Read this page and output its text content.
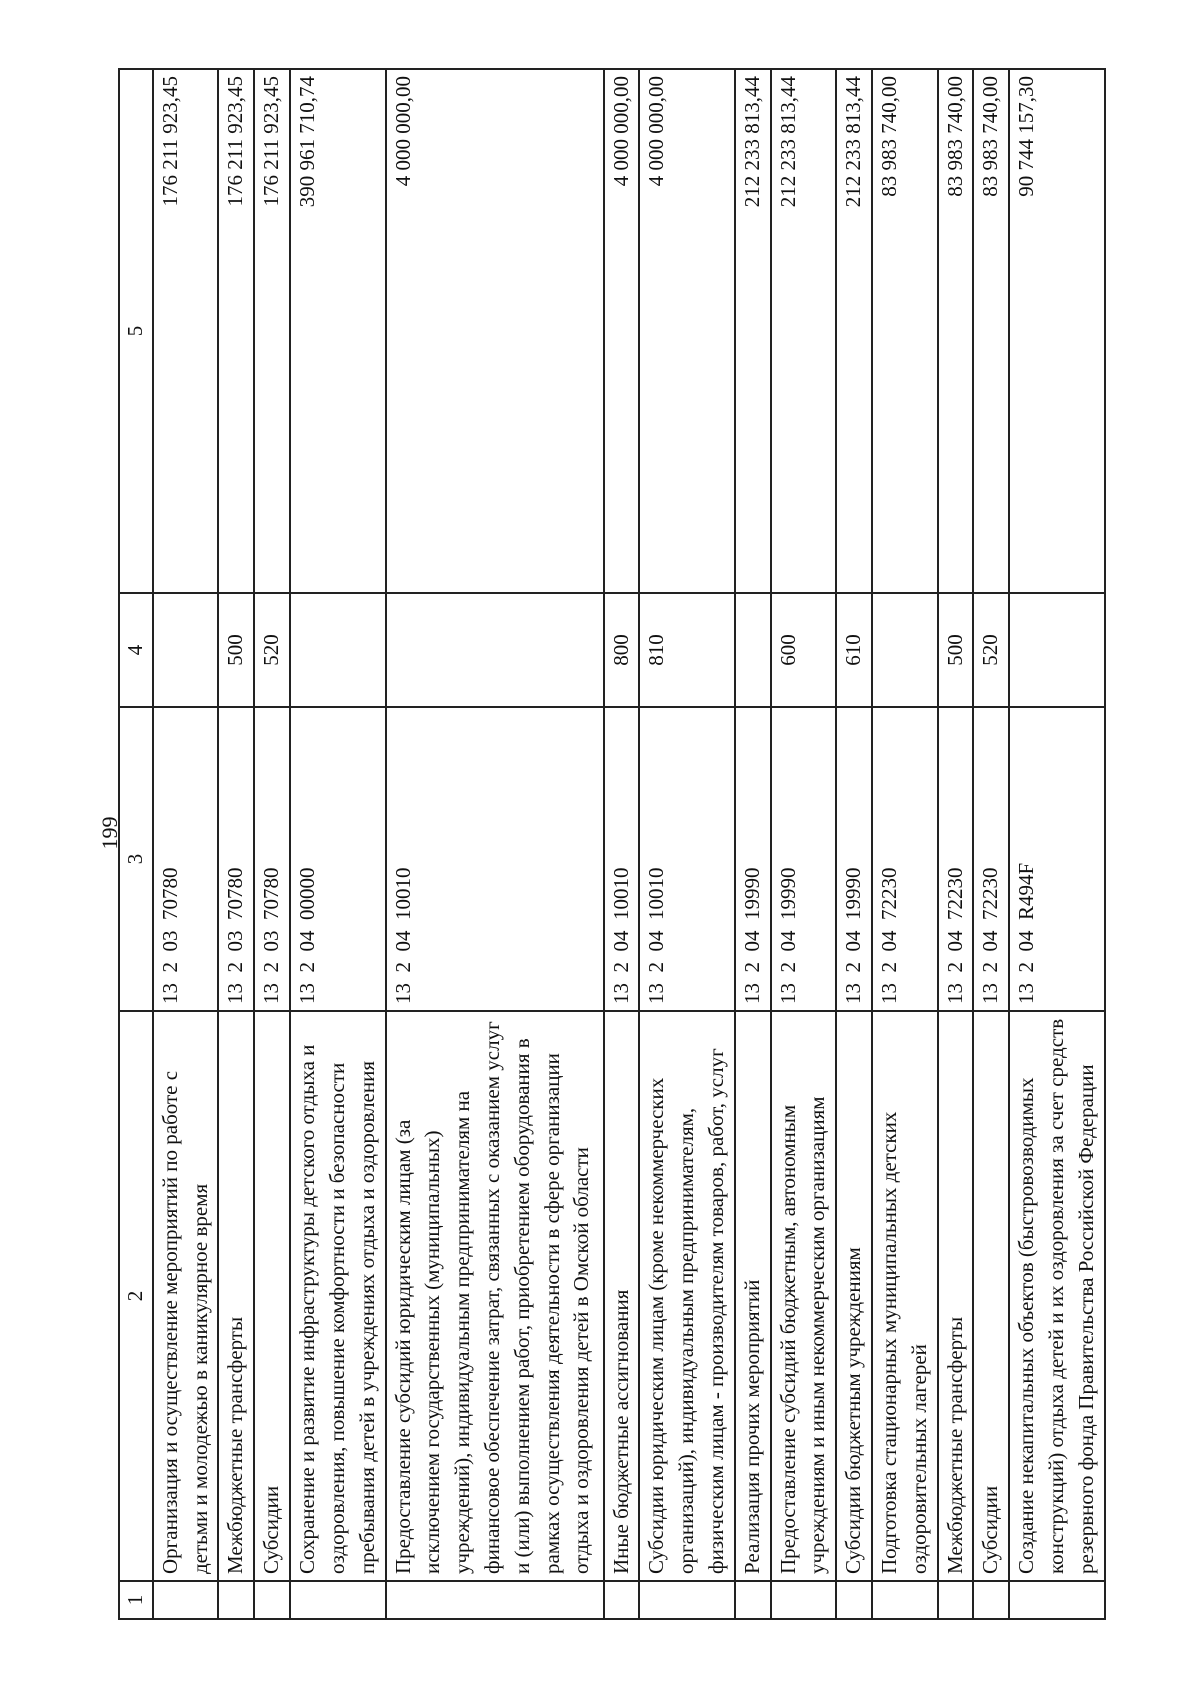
199
1	2	3	4	5
	Организация и осуществление мероприятий по работе с детьми и молодежью в каникулярное время	13  2  03  70780		176 211 923,45
	Межбюджетные трансферты	13  2  03  70780	500	176 211 923,45
	Субсидии	13  2  03  70780	520	176 211 923,45
	Сохранение и развитие инфраструктуры детского отдыха и оздоровления, повышение комфортности и безопасности пребывания детей в учреждениях отдыха и оздоровления	13  2  04  00000		390 961 710,74
	Предоставление субсидий юридическим лицам (за исключением государственных (муниципальных) учреждений), индивидуальным предпринимателям на финансовое обеспечение затрат, связанных с оказанием услуг и (или) выполнением работ, приобретением оборудования в рамках осуществления деятельности в сфере организации отдыха и оздоровления детей в Омской области	13  2  04  10010		4 000 000,00
	Иные бюджетные ассигнования	13  2  04  10010	800	4 000 000,00
	Субсидии юридическим лицам (кроме некоммерческих организаций), индивидуальным предпринимателям, физическим лицам - производителям товаров, работ, услуг	13  2  04  10010	810	4 000 000,00
	Реализация прочих мероприятий	13  2  04  19990		212 233 813,44
	Предоставление субсидий бюджетным, автономным учреждениям и иным некоммерческим организациям	13  2  04  19990	600	212 233 813,44
	Субсидии бюджетным учреждениям	13  2  04  19990	610	212 233 813,44
	Подготовка стационарных муниципальных детских оздоровительных лагерей	13  2  04  72230		83 983 740,00
	Межбюджетные трансферты	13  2  04  72230	500	83 983 740,00
	Субсидии	13  2  04  72230	520	83 983 740,00
	Создание некапитальных объектов (быстровозводимых конструкций) отдыха детей и их оздоровления за счет средств резервного фонда Правительства Российской Федерации	13  2  04  R494F		90 744 157,30
